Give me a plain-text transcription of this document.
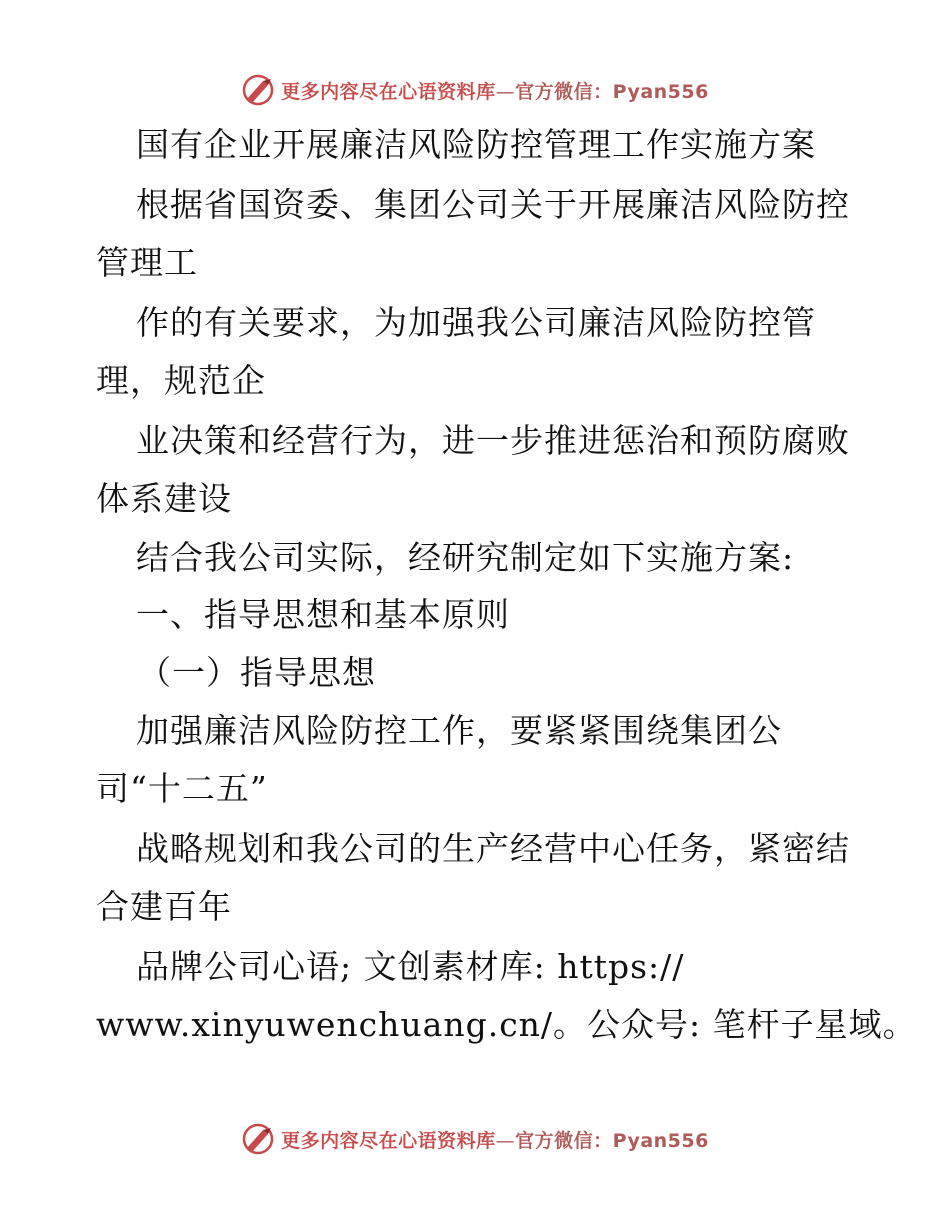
更多内容尽在心语资料库—官方微信：Pyan556
国有企业开展廉洁风险防控管理工作实施方案
根据省国资委、集团公司关于开展廉洁风险防控
管理工
作的有关要求，为加强我公司廉洁风险防控管
理，规范企
业决策和经营行为，进一步推进惩治和预防腐败
体系建设
结合我公司实际，经研究制定如下实施方案:
一、指导思想和基本原则
（一）指导思想
加强廉洁风险防控工作，要紧紧围绕集团公
司“十二五”
战略规划和我公司的生产经营中心任务，紧密结
合建百年
品牌公司心语; 文创素材库: https://
www.xinyuwenchuang.cn/。公众号: 笔杆子星域。
更多内容尽在心语资料库—官方微信：Pyan556
